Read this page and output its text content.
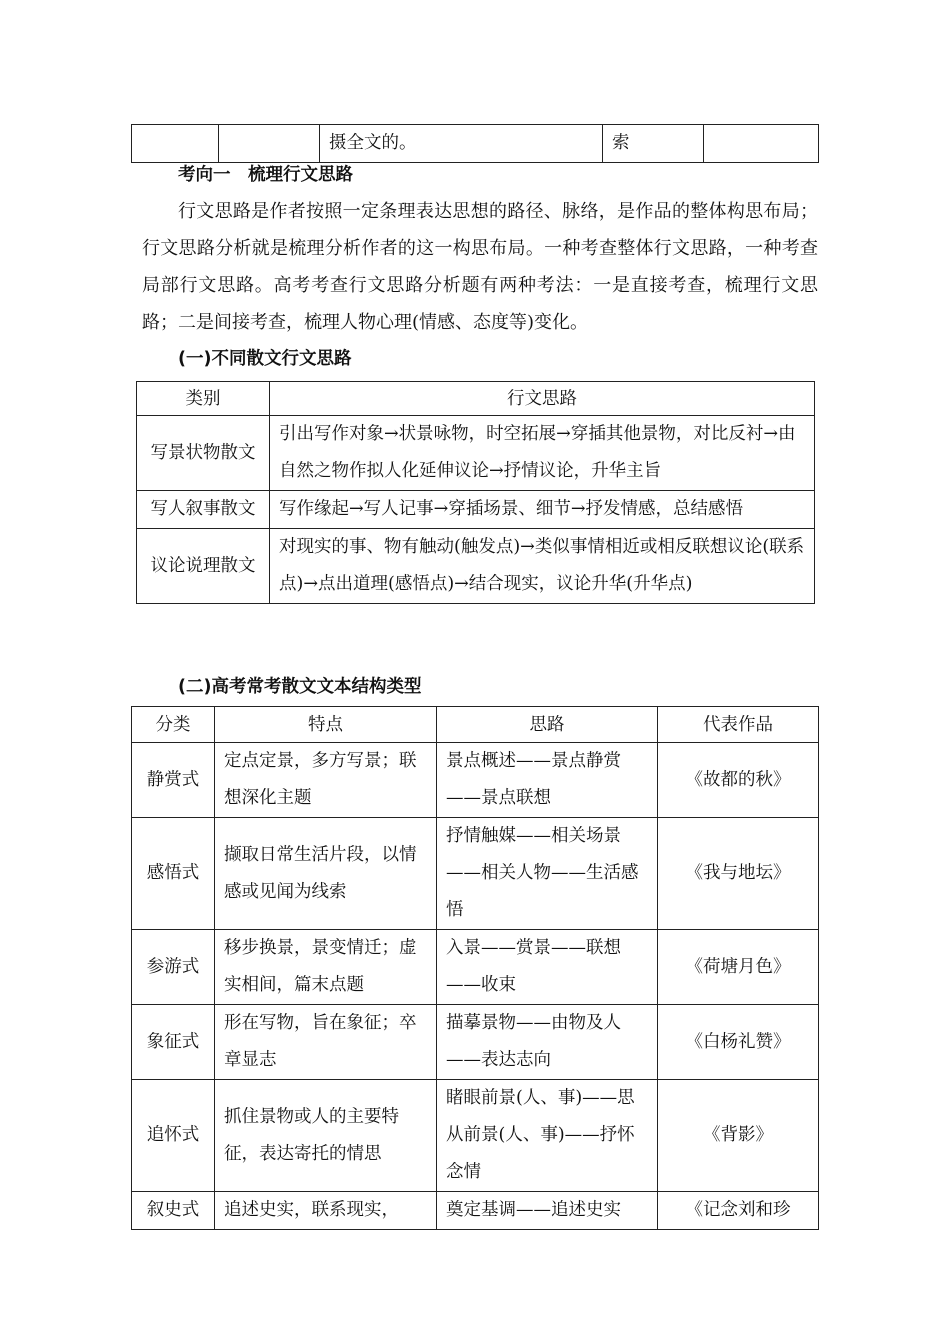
		摄全文的。	索	
考向一　梳理行文思路

行文思路是作者按照一定条理表达思想的路径、脉络，是作品的整体构思布局；行文思路分析就是梳理分析作者的这一构思布局。一种考查整体行文思路，一种考查局部行文思路。高考考查行文思路分析题有两种考法：一是直接考查，梳理行文思路；二是间接考查，梳理人物心理(情感、态度等)变化。

(一)不同散文行文思路
类别	行文思路
写景状物散文	引出写作对象→状景咏物，时空拓展→穿插其他景物，对比反衬→由自然之物作拟人化延伸议论→抒情议论，升华主旨
写人叙事散文	写作缘起→写人记事→穿插场景、细节→抒发情感，总结感悟
议论说理散文	对现实的事、物有触动(触发点)→类似事情相近或相反联想议论(联系点)→点出道理(感悟点)→结合现实，议论升华(升华点)
(二)高考常考散文文本结构类型
分类	特点	思路	代表作品
静赏式	定点定景，多方写景；联想深化主题	景点概述——景点静赏——景点联想	《故都的秋》
感悟式	撷取日常生活片段，以情感或见闻为线索	抒情触媒——相关场景——相关人物——生活感悟	《我与地坛》
参游式	移步换景，景变情迁；虚实相间，篇末点题	入景——赏景——联想——收束	《荷塘月色》
象征式	形在写物，旨在象征；卒章显志	描摹景物——由物及人——表达志向	《白杨礼赞》
追怀式	抓住景物或人的主要特征，表达寄托的情思	睹眼前景(人、事)——思从前景(人、事)——抒怀念情	《背影》
叙史式	追述史实，联系现实，	奠定基调——追述史实	《记念刘和珍
